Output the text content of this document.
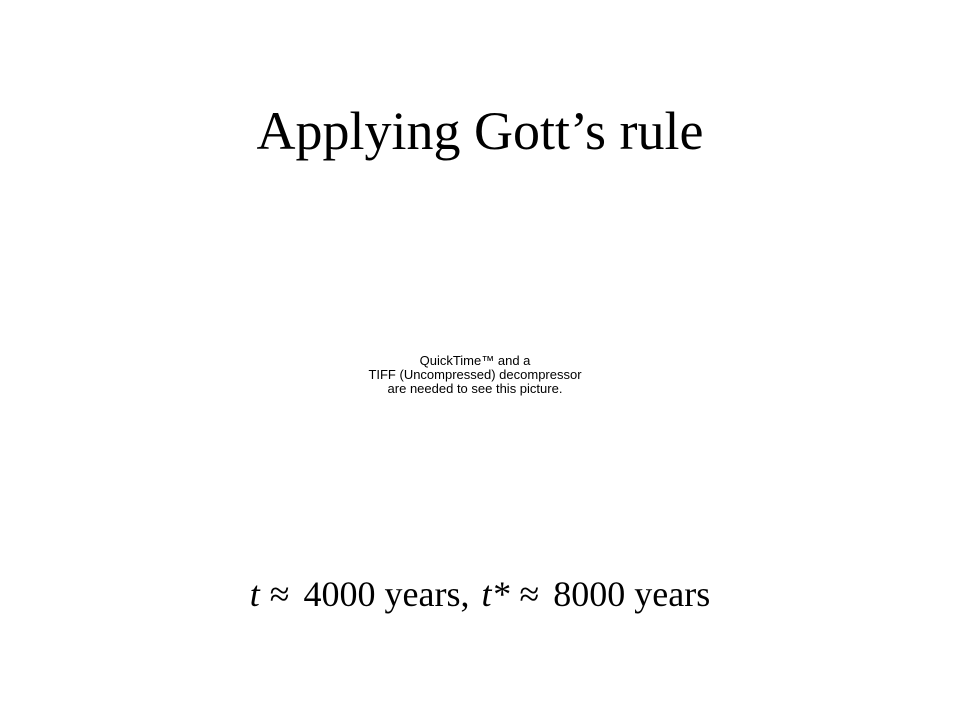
Applying Gott’s rule
QuickTime™ and a
TIFF (Uncompressed) decompressor
are needed to see this picture.
t ≈ 4000 years, t* ≈ 8000 years
